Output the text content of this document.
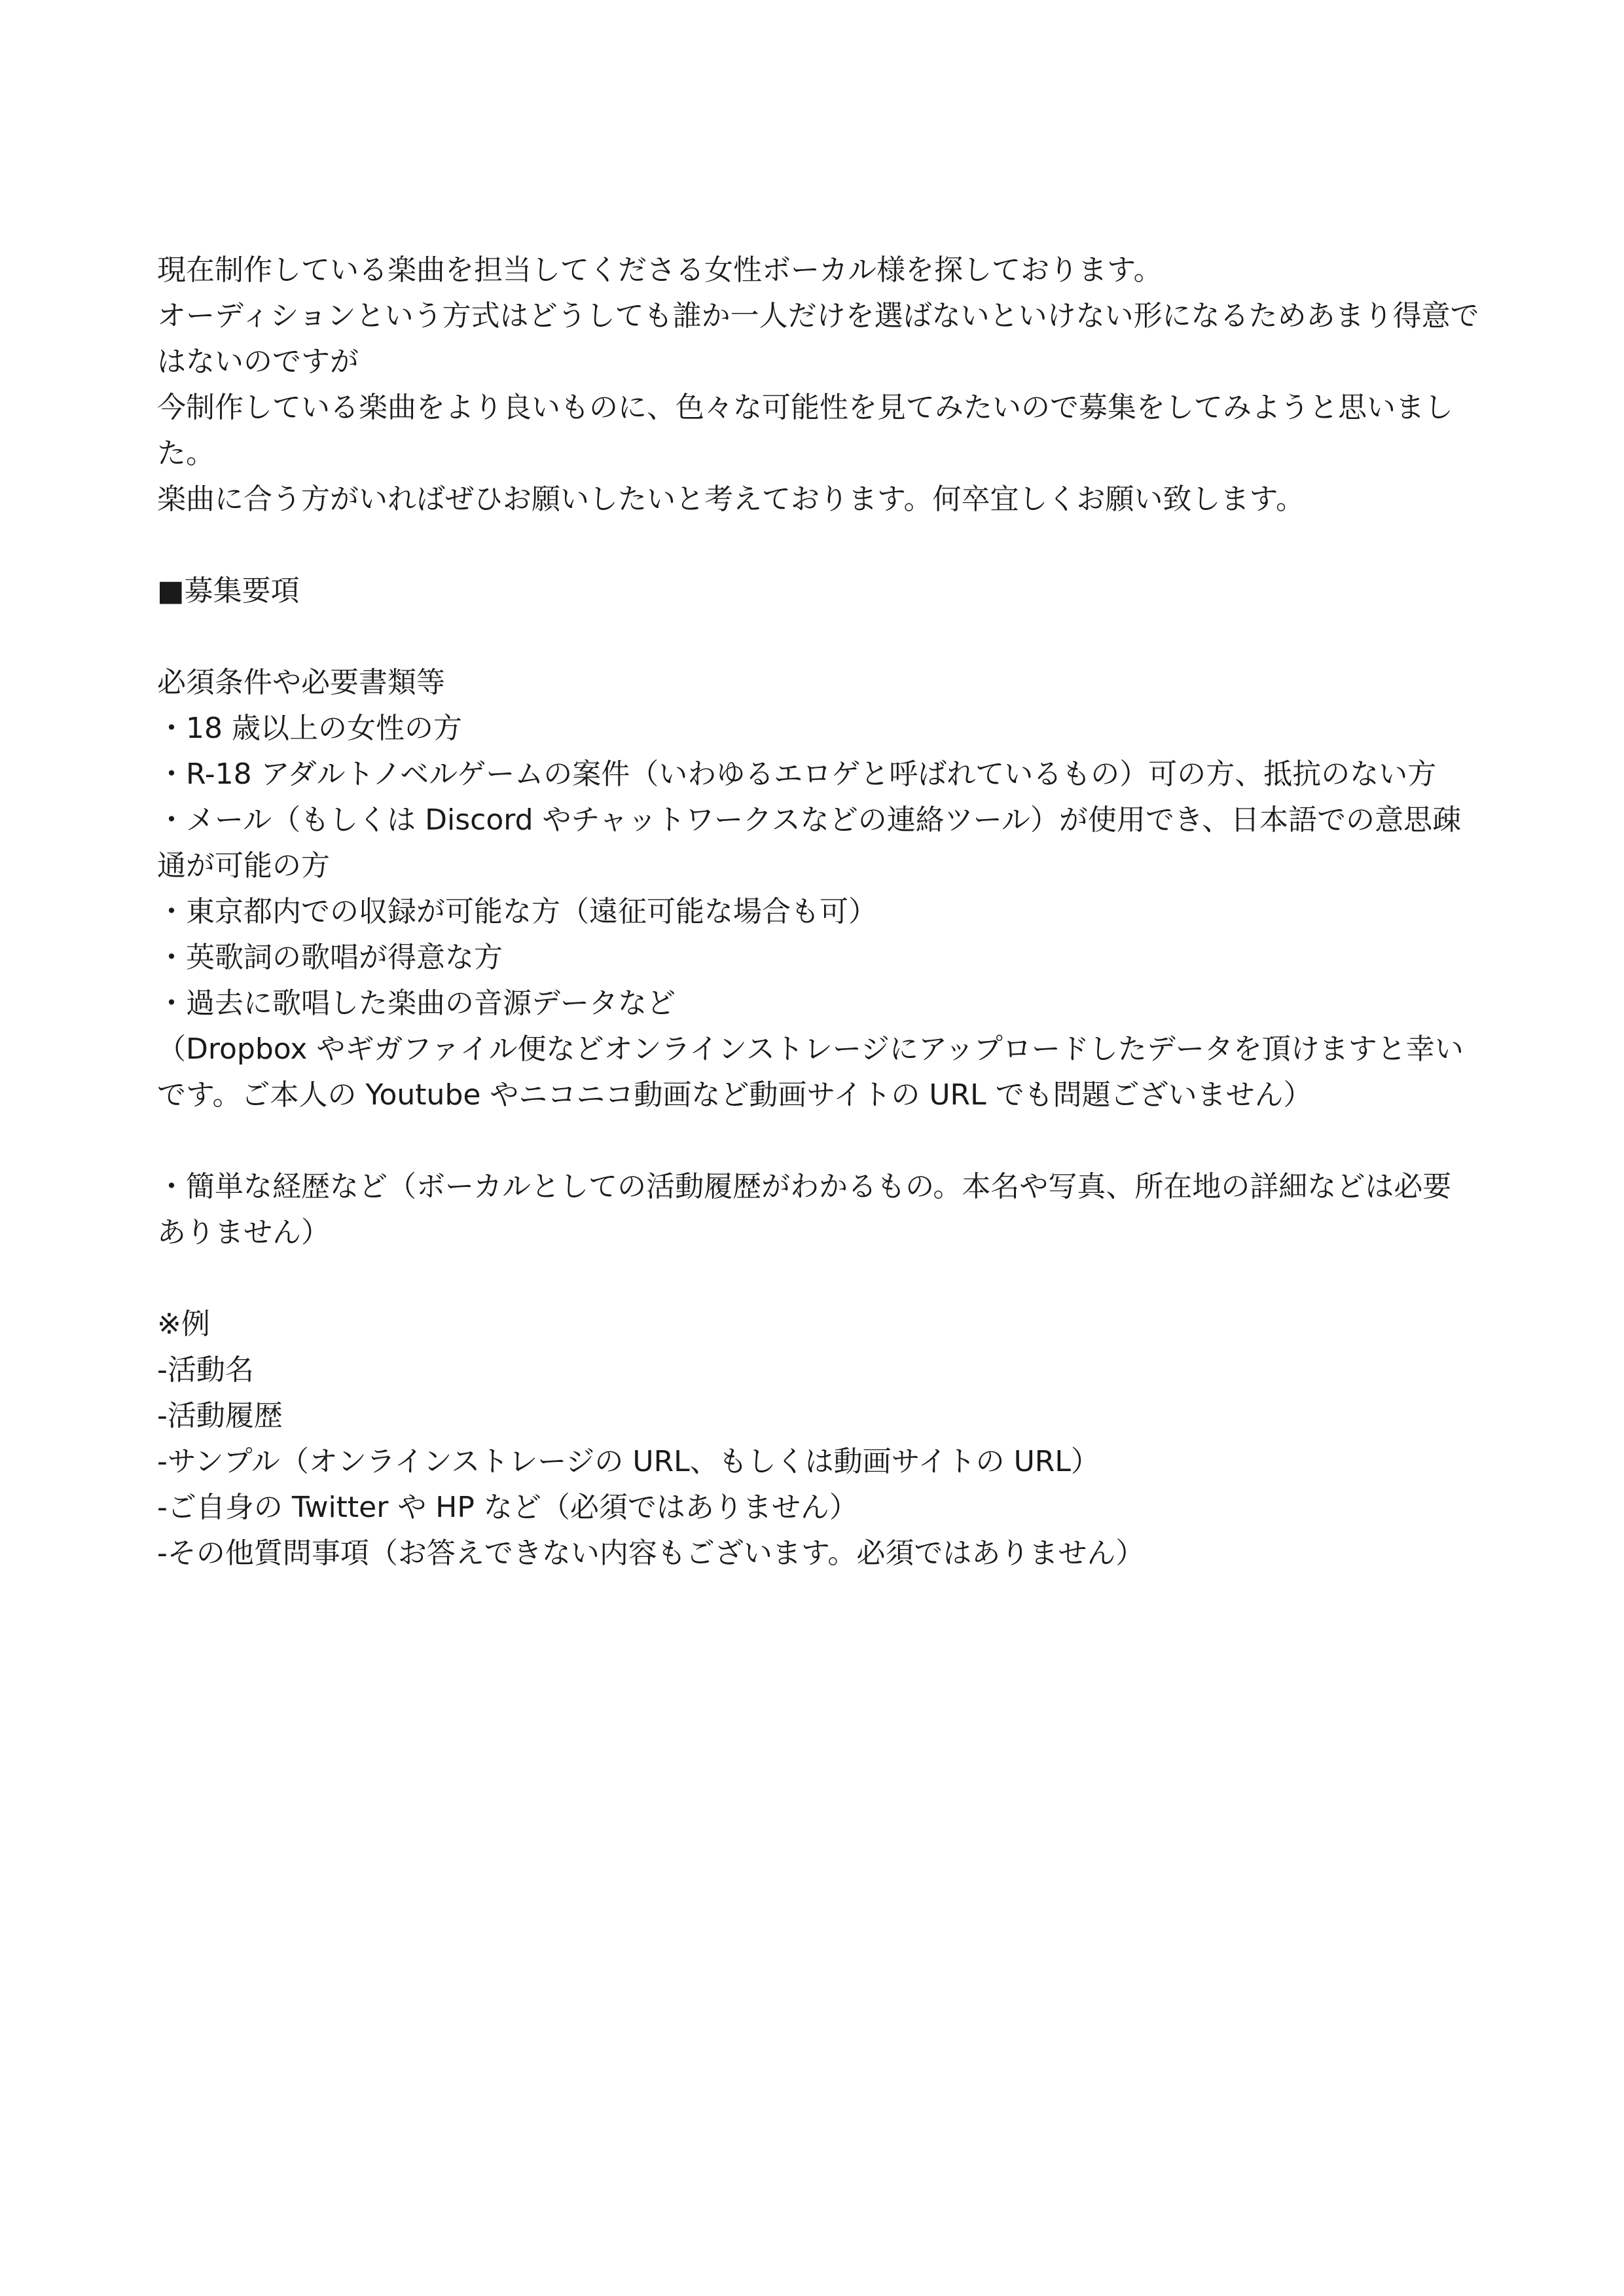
現在制作している楽曲を担当してくださる女性ボーカル様を探しております。

オーディションという方式はどうしても誰か一人だけを選ばないといけない形になるためあまり得意ではないのですが

今制作している楽曲をより良いものに、色々な可能性を見てみたいので募集をしてみようと思いました。

楽曲に合う方がいればぜひお願いしたいと考えております。何卒宜しくお願い致します。

■募集要項

必須条件や必要書類等

・18 歳以上の女性の方

・R-18 アダルトノベルゲームの案件（いわゆるエロゲと呼ばれているもの）可の方、抵抗のない方

・メール（もしくは Discord やチャットワークスなどの連絡ツール）が使用でき、日本語での意思疎通が可能の方

・東京都内での収録が可能な方（遠征可能な場合も可）

・英歌詞の歌唱が得意な方

・過去に歌唱した楽曲の音源データなど

（Dropbox やギガファイル便などオンラインストレージにアップロードしたデータを頂けますと幸いです。ご本人の Youtube やニコニコ動画など動画サイトの URL でも問題ございません）

・簡単な経歴など（ボーカルとしての活動履歴がわかるもの。本名や写真、所在地の詳細などは必要ありません）

※例

-活動名

-活動履歴

-サンプル（オンラインストレージの URL、もしくは動画サイトの URL）

-ご自身の Twitter や HP など（必須ではありません）

-その他質問事項（お答えできない内容もございます。必須ではありません）
